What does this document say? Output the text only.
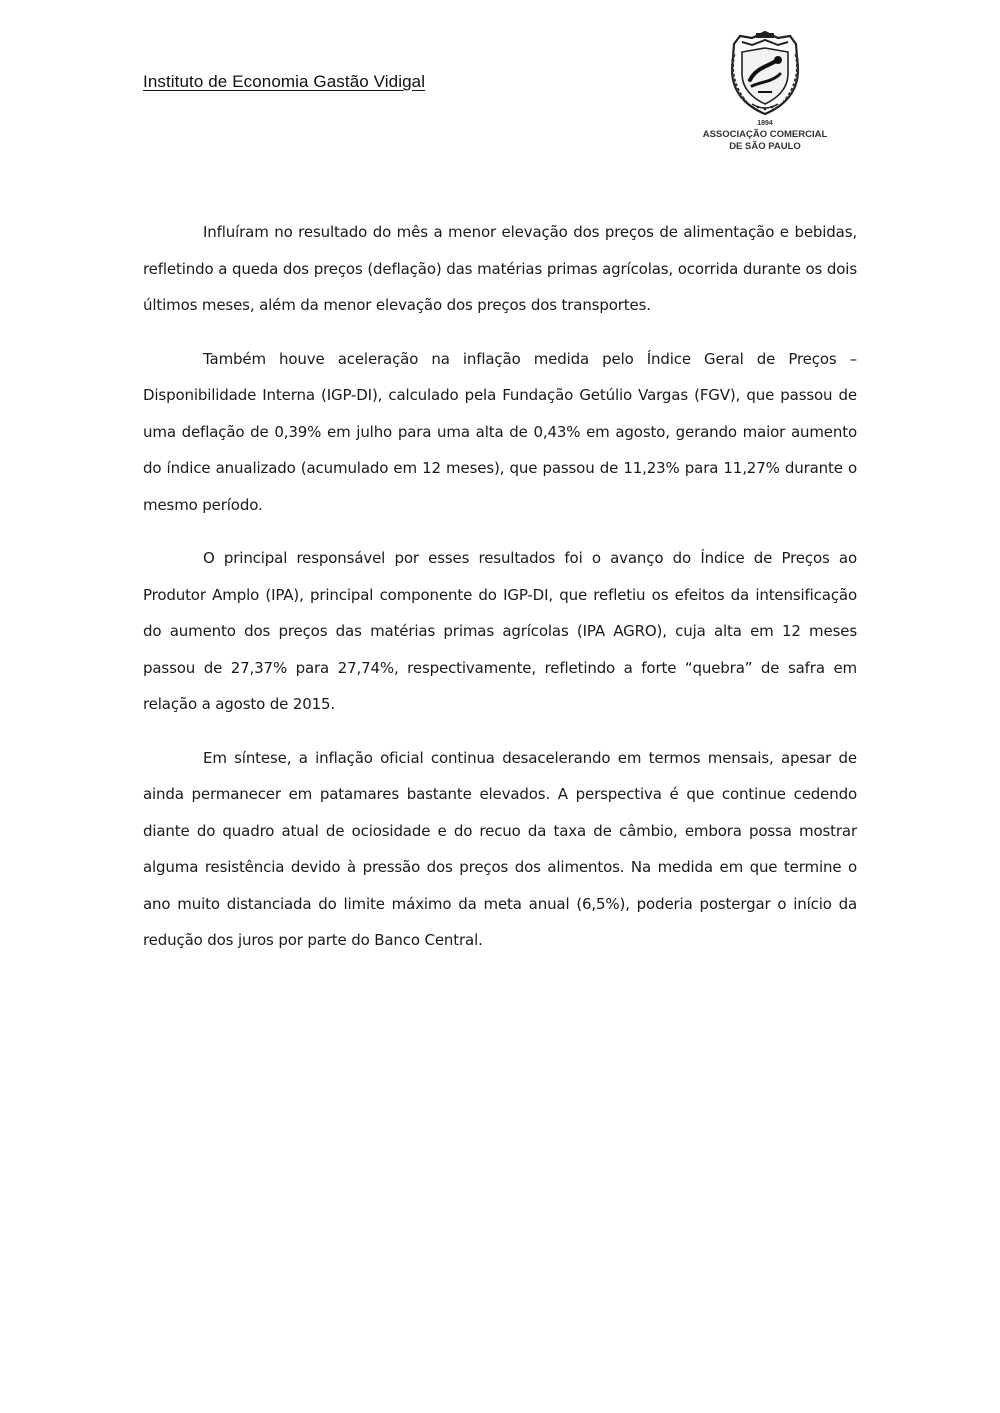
Instituto de Economia Gastão Vidigal
1894
ASSOCIAÇÃO COMERCIAL
DE SÃO PAULO

Influíram no resultado do mês a menor elevação dos preços de alimentação e bebidas, refletindo a queda dos preços (deflação) das matérias primas agrícolas, ocorrida durante os dois últimos meses, além da menor elevação dos preços dos transportes.

Também houve aceleração na inflação medida pelo Índice Geral de Preços – Disponibilidade Interna (IGP-DI), calculado pela Fundação Getúlio Vargas (FGV), que passou de uma deflação de 0,39% em julho para uma alta de 0,43% em agosto, gerando maior aumento do índice anualizado (acumulado em 12 meses), que passou de 11,23% para 11,27% durante o mesmo período.

O principal responsável por esses resultados foi o avanço do Índice de Preços ao Produtor Amplo (IPA), principal componente do IGP-DI, que refletiu os efeitos da intensificação do aumento dos preços das matérias primas agrícolas (IPA AGRO), cuja alta em 12 meses passou de 27,37% para 27,74%, respectivamente, refletindo a forte “quebra” de safra em relação a agosto de 2015.

Em síntese, a inflação oficial continua desacelerando em termos mensais, apesar de ainda permanecer em patamares bastante elevados. A perspectiva é que continue cedendo diante do quadro atual de ociosidade e do recuo da taxa de câmbio, embora possa mostrar alguma resistência devido à pressão dos preços dos alimentos. Na medida em que termine o ano muito distanciada do limite máximo da meta anual (6,5%), poderia postergar o início da redução dos juros por parte do Banco Central.
